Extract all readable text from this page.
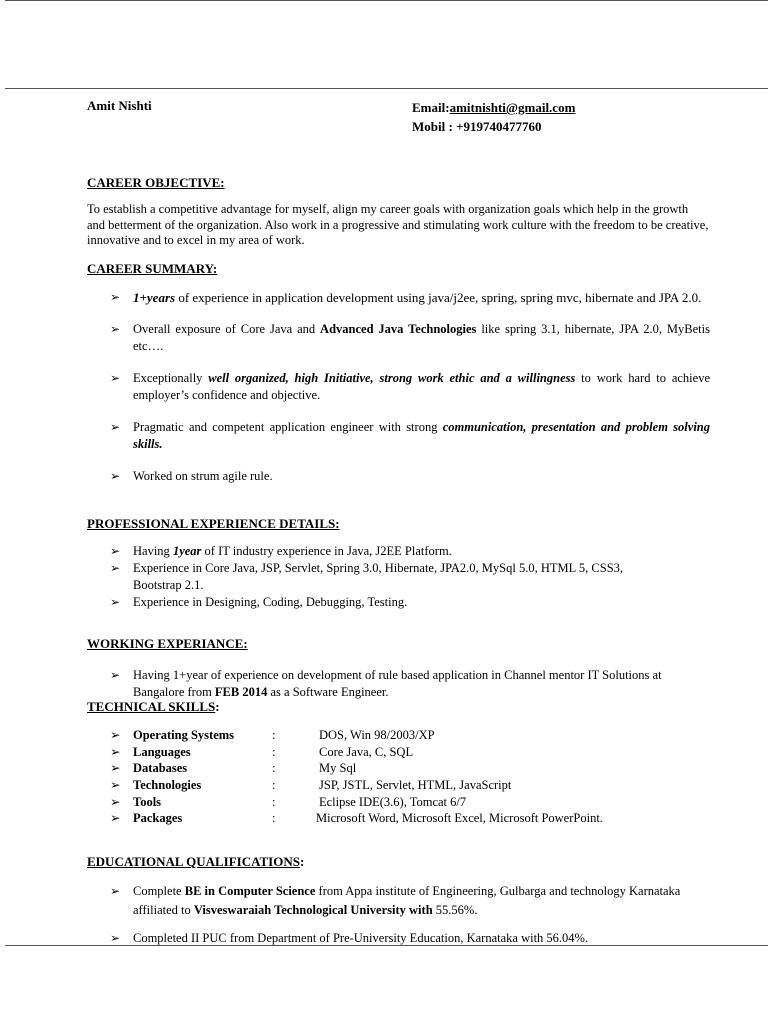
Amit Nishti	Email:amitnishti@gmail.com
Mobil : +919740477760
CAREER OBJECTIVE:
To establish a competitive advantage for myself, align my career goals with organization goals which help in the growth and betterment of the organization. Also work in a progressive and stimulating work culture with the freedom to be creative, innovative and to excel in my area of work.
CAREER SUMMARY:
➢ 1+years of experience in application development using java/j2ee, spring, spring mvc, hibernate and JPA 2.0.
➢ Overall exposure of Core Java and Advanced Java Technologies like spring 3.1, hibernate, JPA 2.0, MyBetis etc….
➢ Exceptionally well organized, high Initiative, strong work ethic and a willingness to work hard to achieve employer’s confidence and objective.
➢ Pragmatic and competent application engineer with strong communication, presentation and problem solving skills.
➢ Worked on strum agile rule.
PROFESSIONAL EXPERIENCE DETAILS:
➢ Having 1year of IT industry experience in Java, J2EE Platform.
➢ Experience in Core Java, JSP, Servlet, Spring 3.0, Hibernate, JPA2.0, MySql 5.0, HTML 5, CSS3, Bootstrap 2.1.
➢ Experience in Designing, Coding, Debugging, Testing.
WORKING EXPERIANCE:
➢ Having 1+year of experience on development of rule based application in Channel mentor IT Solutions at Bangalore from FEB 2014 as a Software Engineer.
TECHNICAL SKILLS:
➢ Operating Systems	:	DOS, Win 98/2003/XP
➢ Languages	:	Core Java, C, SQL
➢ Databases	:	My Sql
➢ Technologies	:	JSP, JSTL, Servlet, HTML, JavaScript
➢ Tools	:	Eclipse IDE(3.6), Tomcat 6/7
➢ Packages	:	Microsoft Word, Microsoft Excel, Microsoft PowerPoint.
EDUCATIONAL QUALIFICATIONS:
➢ Complete BE in Computer Science from Appa institute of Engineering, Gulbarga and technology Karnataka affiliated to Visveswaraiah Technological University with 55.56%.
➢ Completed II PUC from Department of Pre-University Education, Karnataka with 56.04%.
